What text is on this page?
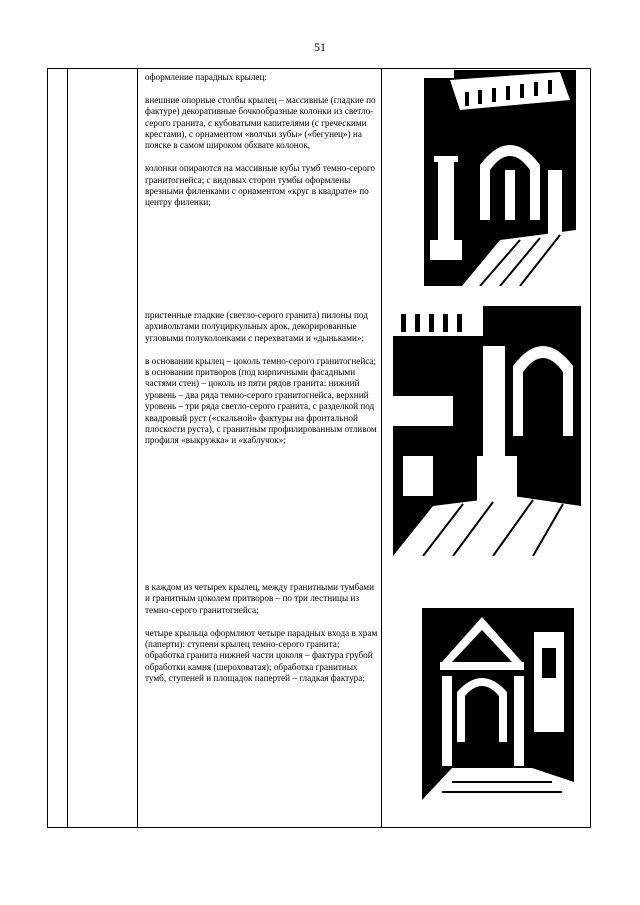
51

оформление парадных крылец:

внешние опорные столбы крылец – массивные (гладкие по фактуре) декоративные бочкообразные колонки из светло-серого гранита, с кубоватыми капителями (с греческими крестами), с орнаментом «волчьи зубы» («бегунец») на пояске в самом широком обхвате колонок,

колонки опираются на массивные кубы тумб темно-серого гранитогнейса; с видовых сторон тумбы оформлены врезными филенками с орнаментом «круг в квадрате» по центру филенки;

пристенные гладкие (светло-серого гранита) пилоны под архивольтами полуциркульных арок, декорированные угловыми полуколонками с перехватами и «дыньками»;

в основании крылец – цоколь темно-серого гранитогнейса; в основании притворов (под кирпичными фасадными частями стен) – цоколь из пяти рядов гранита: нижний уровень – два ряда темно-серого гранитогнейса, верхний уровень – три ряда светло-серого гранита, с разделкой под квадровый руст («скальной» фактуры на фронтальной плоскости руста), с гранитным профилированным отливом профиля «выкружка» и «каблучок»;

в каждом из четырех крылец, между гранитными тумбами и гранитным цоколем притворов – по три лестницы из темно-серого гранитогнейса;

четыре крыльца оформляют четыре парадных входа в храм (паперти): ступени крылец темно-серого гранита; обработка гранита нижней части цоколя – фактура грубой обработки камня (шероховатая); обработка гранитных тумб, ступеней и площадок папертей – гладкая фактура;
